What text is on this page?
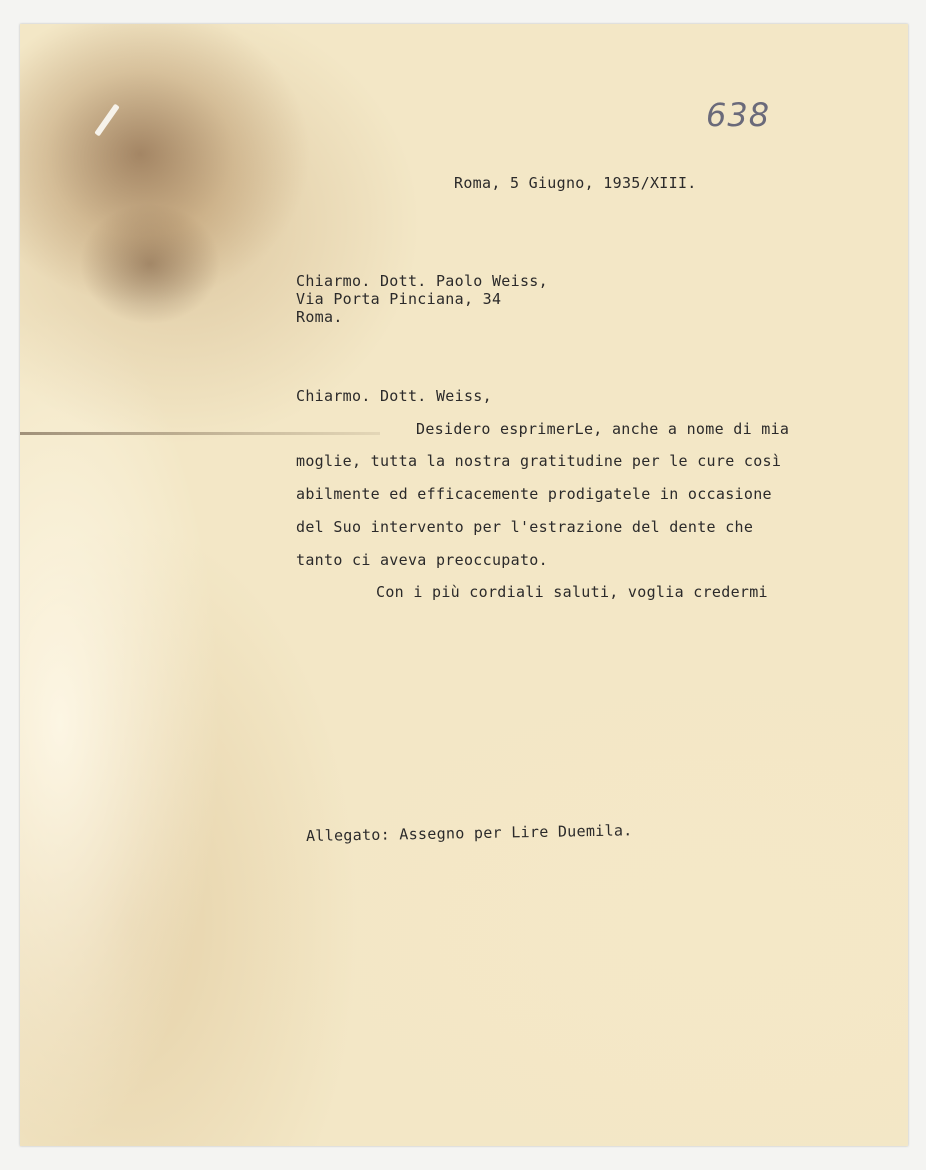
638

Roma, 5 Giugno, 1935/XIII.

Chiarmo. Dott. Paolo Weiss,

Via Porta Pinciana, 34

Roma.

Chiarmo. Dott. Weiss,

Desidero esprimerLe, anche a nome di mia

moglie, tutta la nostra gratitudine per le cure così

abilmente ed efficacemente prodigatele in occasione

del Suo intervento per l'estrazione del dente che

tanto ci aveva preoccupato.

Con i più cordiali saluti, voglia credermi

Allegato: Assegno per Lire Duemila.
